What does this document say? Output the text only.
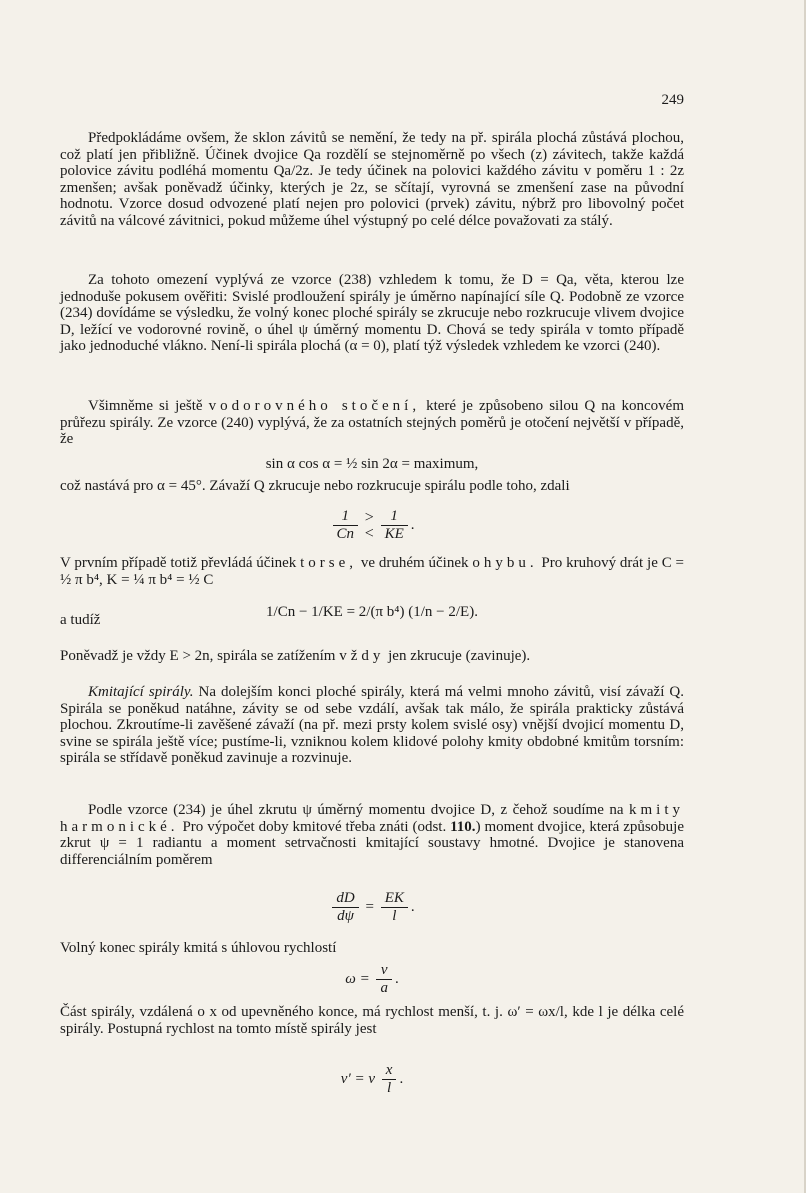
249
Předpokládáme ovšem, že sklon závitů se nemění, že tedy na př. spirála plochá zůstává plochou, což platí jen přibližně. Účinek dvojice Qa rozdělí se stejnoměrně po všech (z) závitech, takže každá polovice závitu podléhá momentu Qa/2z. Je tedy účinek na polovici každého závitu v poměru 1 : 2z zmenšen; avšak poněvadž účinky, kterých je 2z, se sčítají, vyrovná se zmenšení zase na původní hodnotu. Vzorce dosud odvozené platí nejen pro polovici (prvek) závitu, nýbrž pro libovolný počet závitů na válcové závitnici, pokud můžeme úhel výstupný po celé délce považovati za stálý.
Za tohoto omezení vyplývá ze vzorce (238) vzhledem k tomu, že D = Qa, věta, kterou lze jednoduše pokusem ověřiti: Svislé prodloužení spirály je úměrno napínající síle Q. Podobně ze vzorce (234) dovídáme se výsledku, že volný konec ploché spirály se zkrucuje nebo rozkrucuje vlivem dvojice D, ležící ve vodorovné rovině, o úhel ψ úměrný momentu D. Chová se tedy spirála v tomto případě jako jednoduché vlákno. Není-li spirála plochá (α = 0), platí týž výsledek vzhledem ke vzorci (240).
Všimněme si ještě vodorovného stočení, které je způsobeno silou Q na koncovém průřezu spirály. Ze vzorce (240) vyplývá, že za ostatních stejných poměrů je otočení největší v případě, že
sin α cos α = ½ sin 2α = maximum,
což nastává pro α = 45°. Závaží Q zkrucuje nebo rozkrucuje spirálu podle toho, zdali
$\frac{1}{Cn}$
>
<
$\frac{1}{KE}$ .
V prvním případě totiž převládá účinek torse, ve druhém účinek ohybu. Pro kruhový drát je C = ½ π b⁴, K = ¼ π b⁴ = ½ C
a tudíž	1/Cn − 1/KE = 2/(π b⁴) (1/n − 2/E).
Poněvadž je vždy E > 2n, spirála se zatížením vždy jen zkrucuje (zavinuje).
Kmitající spirály. Na dolejším konci ploché spirály, která má velmi mnoho závitů, visí závaží Q. Spirála se poněkud natáhne, závity se od sebe vzdálí, avšak tak málo, že spirála prakticky zůstává plochou. Zkroutíme-li zavěšené závaží (na př. mezi prsty kolem svislé osy) vnější dvojicí momentu D, svine se spirála ještě více; pustíme-li, vzniknou kolem klidové polohy kmity obdobné kmitům torsním: spirála se střídavě poněkud zavinuje a rozvinuje.
Podle vzorce (234) je úhel zkrutu ψ úměrný momentu dvojice D, z čehož soudíme na kmity harmonické. Pro výpočet doby kmitové třeba znáti (odst. 110.) moment dvojice, která způsobuje zkrut ψ = 1 radiantu a moment setrvačnosti kmitající soustavy hmotné. Dvojice je stanovena differenciálním poměrem
$\frac{dD}{d\psi} = \frac{EK}{l}$ .
Volný konec spirály kmitá s úhlovou rychlostí
$\omega = \frac{v}{a}$ .
Část spirály, vzdálená o x od upevněného konce, má rychlost menší, t. j. ω′ = ωx/l, kde l je délka celé spirály. Postupná rychlost na tomto místě spirály jest
v′ = v $\frac{x}{l}$ .
